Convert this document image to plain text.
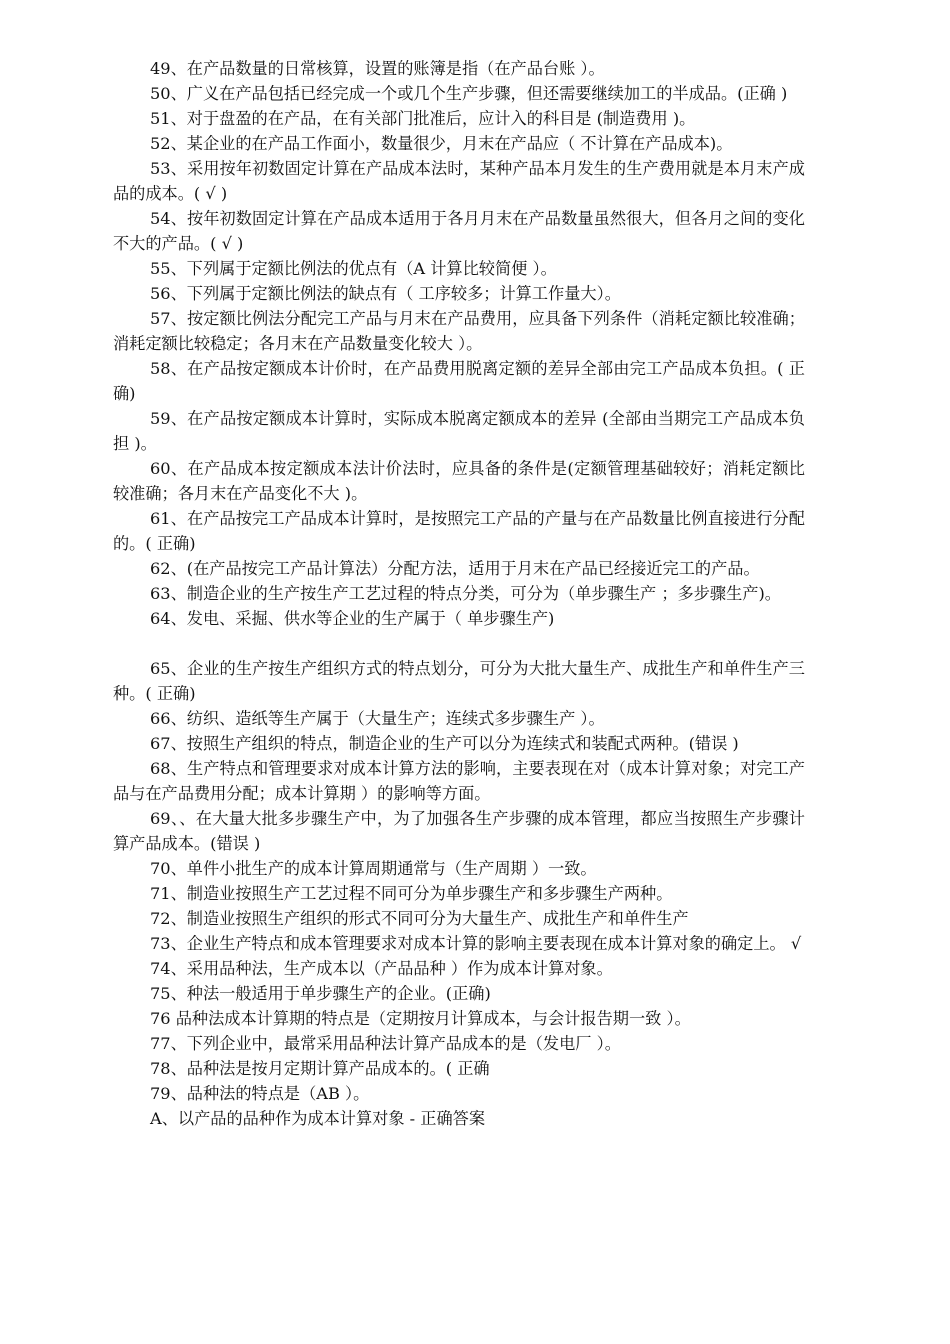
49、在产品数量的日常核算，设置的账簿是指（在产品台账 ）。

50、广义在产品包括已经完成一个或几个生产步骤，但还需要继续加工的半成品。(正确 )

51、对于盘盈的在产品，在有关部门批准后，应计入的科目是 (制造费用 )。

52、某企业的在产品工作面小，数量很少，月末在产品应（ 不计算在产品成本)。

53、采用按年初数固定计算在产品成本法时，某种产品本月发生的生产费用就是本月末产成品的成本。( √ )

54、按年初数固定计算在产品成本适用于各月月末在产品数量虽然很大，但各月之间的变化不大的产品。( √ )

55、下列属于定额比例法的优点有（A 计算比较简便 ）。

56、下列属于定额比例法的缺点有（ 工序较多；计算工作量大）。

57、按定额比例法分配完工产品与月末在产品费用，应具备下列条件（消耗定额比较准确；消耗定额比较稳定；各月末在产品数量变化较大 ）。

58、在产品按定额成本计价时，在产品费用脱离定额的差异全部由完工产品成本负担。( 正确)

59、在产品按定额成本计算时，实际成本脱离定额成本的差异 (全部由当期完工产品成本负担 )。

60、在产品成本按定额成本法计价法时，应具备的条件是(定额管理基础较好；消耗定额比较准确；各月末在产品变化不大 )。

61、在产品按完工产品成本计算时，是按照完工产品的产量与在产品数量比例直接进行分配的。( 正确)

62、(在产品按完工产品计算法）分配方法，适用于月末在产品已经接近完工的产品。

63、制造企业的生产按生产工艺过程的特点分类，可分为（单步骤生产 ；多步骤生产)。

64、发电、采掘、供水等企业的生产属于（ 单步骤生产)

65、企业的生产按生产组织方式的特点划分，可分为大批大量生产、成批生产和单件生产三种。( 正确)

66、纺织、造纸等生产属于（大量生产；连续式多步骤生产 ）。

67、按照生产组织的特点，制造企业的生产可以分为连续式和装配式两种。(错误 )

68、生产特点和管理要求对成本计算方法的影响，主要表现在对（成本计算对象；对完工产品与在产品费用分配；成本计算期 ）的影响等方面。

69、、在大量大批多步骤生产中，为了加强各生产步骤的成本管理，都应当按照生产步骤计算产品成本。(错误 )

70、单件小批生产的成本计算周期通常与（生产周期 ）一致。

71、制造业按照生产工艺过程不同可分为单步骤生产和多步骤生产两种。

72、制造业按照生产组织的形式不同可分为大量生产、成批生产和单件生产

73、企业生产特点和成本管理要求对成本计算的影响主要表现在成本计算对象的确定上。 √

74、采用品种法，生产成本以（产品品种 ）作为成本计算对象。

75、种法一般适用于单步骤生产的企业。(正确)

76 品种法成本计算期的特点是（定期按月计算成本，与会计报告期一致 ）。

77、下列企业中，最常采用品种法计算产品成本的是（发电厂 ）。

78、品种法是按月定期计算产品成本的。( 正确

79、品种法的特点是（AB ）。

A、以产品的品种作为成本计算对象 - 正确答案
